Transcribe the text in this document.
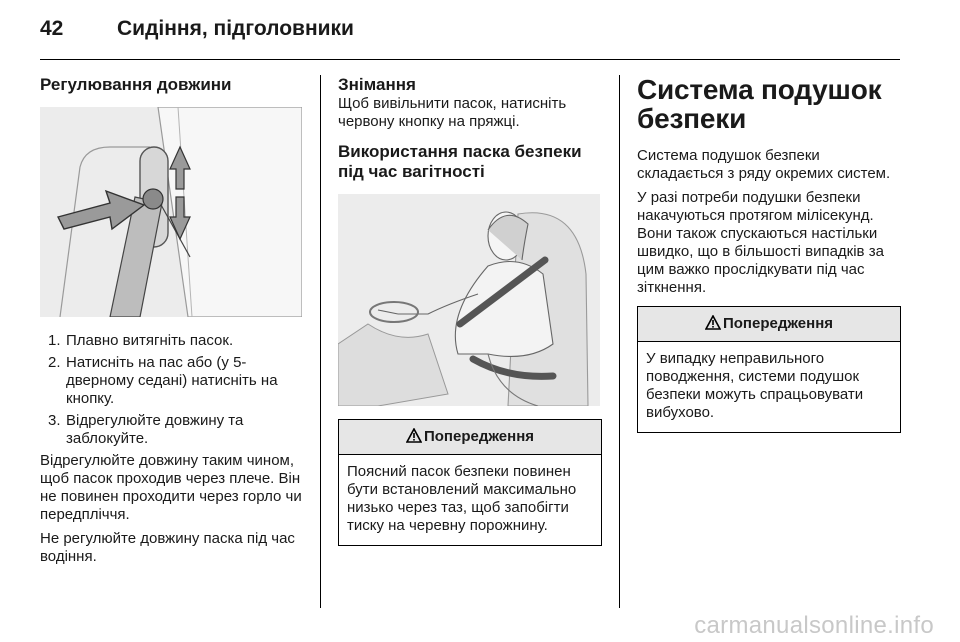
42	Сидіння, підголовники
Регулювання довжини
1. Плавно витягніть пасок.
2. Натисніть на пас або (у 5-дверному седані) натисніть на кнопку.
3. Відрегулюйте довжину та заблокуйте.

Відрегулюйте довжину таким чином, щоб пасок проходив через плече. Він не повинен проходити через горло чи передпліччя.

Не регулюйте довжину паска під час водіння.

Знімання

Щоб вивільнити пасок, натисніть червону кнопку на пряжці.

Використання паска безпеки під час вагітності
Попередження
Поясний пасок безпеки повинен бути встановлений максимально низько через таз, щоб запобігти тиску на черевну порожнину.
Система подушок безпеки

Система подушок безпеки складається з ряду окремих систем.

У разі потреби подушки безпеки накачуються протягом мілісекунд. Вони також спускаються настільки швидко, що в більшості випадків за цим важко прослідкувати під час зіткнення.

Попередження
У випадку неправильного поводження, системи подушок безпеки можуть спрацьовувати вибухово.
carmanualsonline.info
